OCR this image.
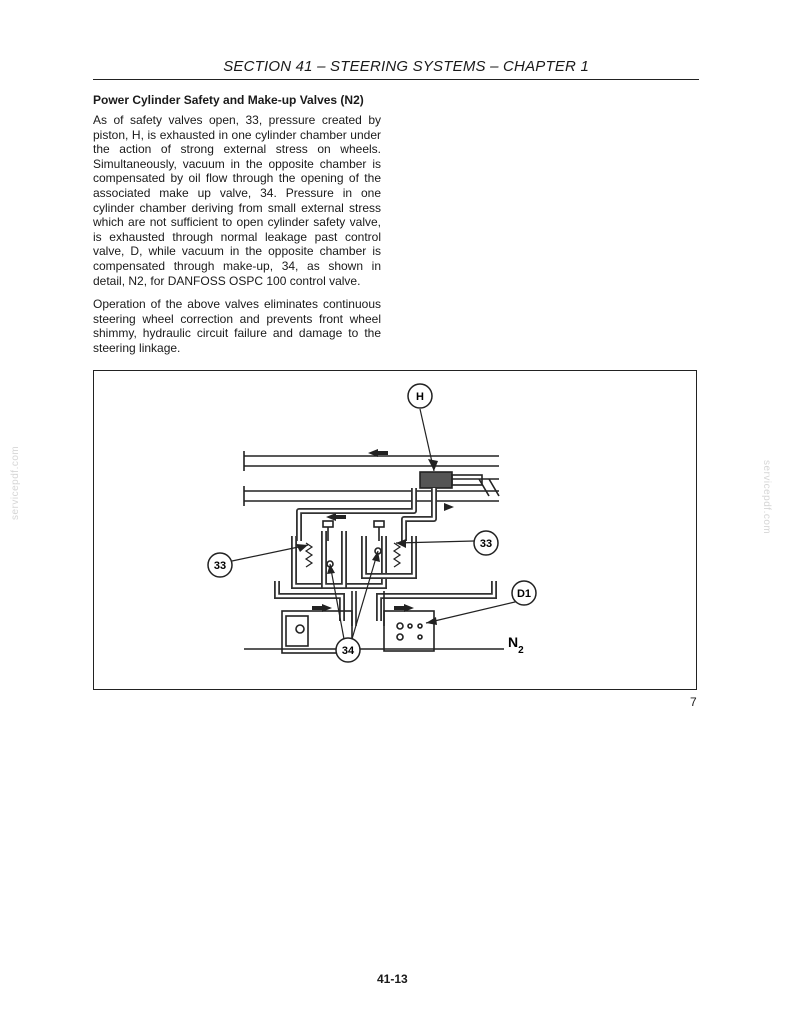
SECTION 41 – STEERING SYSTEMS – CHAPTER 1
Power Cylinder Safety and Make-up Valves (N2)

As of safety valves open, 33, pressure created by piston, H, is exhausted in one cylinder chamber under the action of strong external stress on wheels. Simultaneously, vacuum in the opposite chamber is compensated by oil flow through the opening of the associated make up valve, 34. Pressure in one cylinder chamber deriving from small external stress which are not sufficient to open cylinder safety valve, is exhausted through normal leakage past control valve, D, while vacuum in the opposite chamber is compensated through make-up, 34, as shown in detail, N2, for DANFOSS OSPC 100 control valve.

Operation of the above valves eliminates continuous steering wheel correction and prevents front wheel shimmy, hydraulic circuit failure and damage to the steering linkage.

H
33
33
D1
34
$N_2$
7
servicepdf.com	servicepdf.com
41-13
